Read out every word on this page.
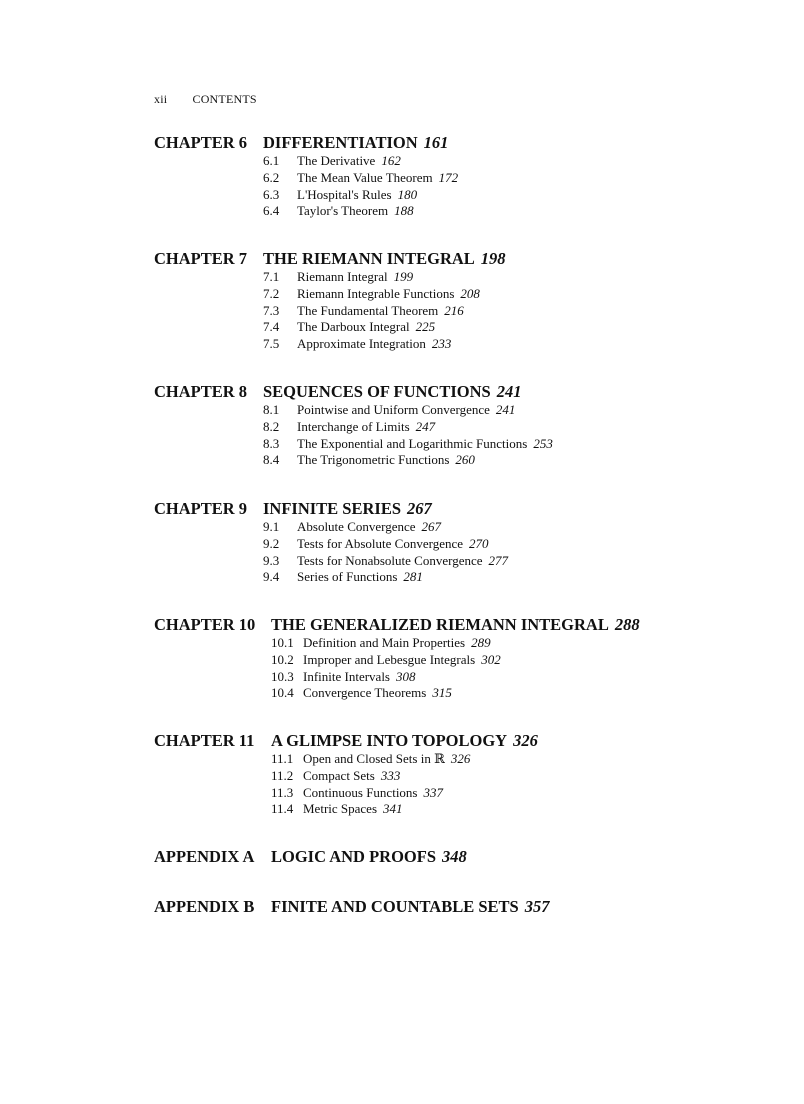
xii CONTENTS
CHAPTER 6 DIFFERENTIATION 161
6.1 The Derivative 162
6.2 The Mean Value Theorem 172
6.3 L'Hospital's Rules 180
6.4 Taylor's Theorem 188
CHAPTER 7 THE RIEMANN INTEGRAL 198
7.1 Riemann Integral 199
7.2 Riemann Integrable Functions 208
7.3 The Fundamental Theorem 216
7.4 The Darboux Integral 225
7.5 Approximate Integration 233
CHAPTER 8 SEQUENCES OF FUNCTIONS 241
8.1 Pointwise and Uniform Convergence 241
8.2 Interchange of Limits 247
8.3 The Exponential and Logarithmic Functions 253
8.4 The Trigonometric Functions 260
CHAPTER 9 INFINITE SERIES 267
9.1 Absolute Convergence 267
9.2 Tests for Absolute Convergence 270
9.3 Tests for Nonabsolute Convergence 277
9.4 Series of Functions 281
CHAPTER 10 THE GENERALIZED RIEMANN INTEGRAL 288
10.1 Definition and Main Properties 289
10.2 Improper and Lebesgue Integrals 302
10.3 Infinite Intervals 308
10.4 Convergence Theorems 315
CHAPTER 11 A GLIMPSE INTO TOPOLOGY 326
11.1 Open and Closed Sets in ℝ 326
11.2 Compact Sets 333
11.3 Continuous Functions 337
11.4 Metric Spaces 341
APPENDIX A LOGIC AND PROOFS 348
APPENDIX B FINITE AND COUNTABLE SETS 357
